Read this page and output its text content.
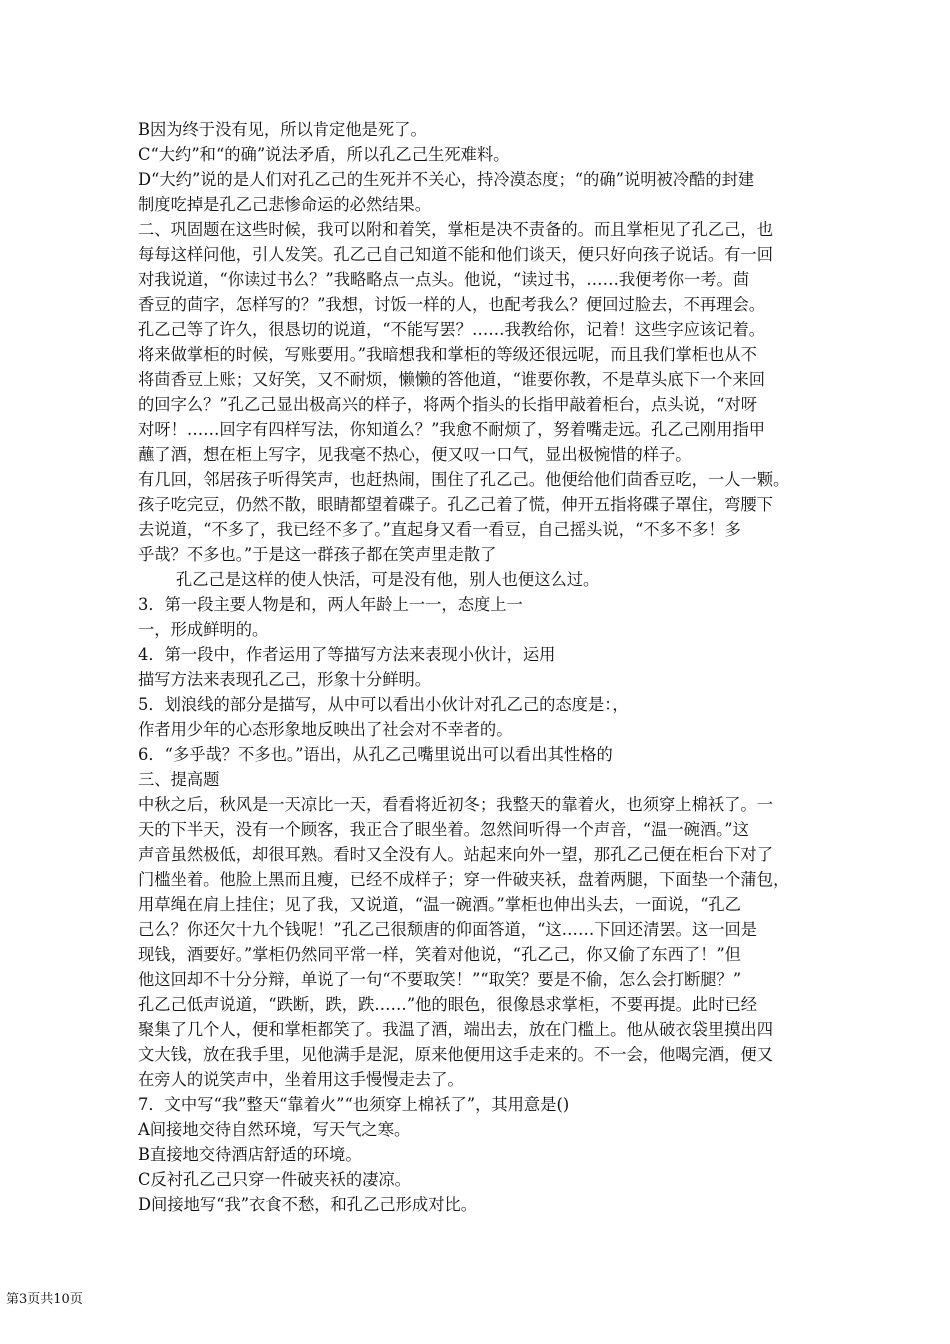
B因为终于没有见，所以肯定他是死了。
C“大约”和“的确”说法矛盾，所以孔乙己生死难料。
D“大约”说的是人们对孔乙己的生死并不关心，持冷漠态度；“的确”说明被冷酷的封建
制度吃掉是孔乙己悲惨命运的必然结果。
二、巩固题在这些时候，我可以附和着笑，掌柜是决不责备的。而且掌柜见了孔乙己，也
每每这样问他，引人发笑。孔乙己自己知道不能和他们谈天，便只好向孩子说话。有一回
对我说道，“你读过书么？”我略略点一点头。他说，“读过书，……我便考你一考。茴
香豆的茴字，怎样写的？”我想，讨饭一样的人，也配考我么？便回过脸去，不再理会。
孔乙己等了许久，很恳切的说道，“不能写罢？……我教给你，记着！这些字应该记着。
将来做掌柜的时候，写账要用。”我暗想我和掌柜的等级还很远呢，而且我们掌柜也从不
将茴香豆上账；又好笑，又不耐烦，懒懒的答他道，“谁要你教，不是草头底下一个来回
的回字么？”孔乙己显出极高兴的样子，将两个指头的长指甲敲着柜台，点头说，“对呀
对呀！……回字有四样写法，你知道么？”我愈不耐烦了，努着嘴走远。孔乙己刚用指甲
蘸了酒，想在柜上写字，见我毫不热心，便又叹一口气，显出极惋惜的样子。
有几回，邻居孩子听得笑声，也赶热闹，围住了孔乙己。他便给他们茴香豆吃，一人一颗。
孩子吃完豆，仍然不散，眼睛都望着碟子。孔乙己着了慌，伸开五指将碟子罩住，弯腰下
去说道，“不多了，我已经不多了。”直起身又看一看豆，自己摇头说，“不多不多！多
乎哉？不多也。”于是这一群孩子都在笑声里走散了
孔乙己是这样的使人快活，可是没有他，别人也便这么过。
3．第一段主要人物是和，两人年龄上一一，态度上一
一，形成鲜明的。
4．第一段中，作者运用了等描写方法来表现小伙计，运用
描写方法来表现孔乙己，形象十分鲜明。
5．划浪线的部分是描写，从中可以看出小伙计对孔乙己的态度是：，
作者用少年的心态形象地反映出了社会对不幸者的。
6．“多乎哉？不多也。”语出，从孔乙己嘴里说出可以看出其性格的
三、提高题
中秋之后，秋风是一天凉比一天，看看将近初冬；我整天的靠着火，也须穿上棉袄了。一
天的下半天，没有一个顾客，我正合了眼坐着。忽然间听得一个声音，“温一碗酒。”这
声音虽然极低，却很耳熟。看时又全没有人。站起来向外一望，那孔乙己便在柜台下对了
门槛坐着。他脸上黑而且瘦，已经不成样子；穿一件破夹袄，盘着两腿，下面垫一个蒲包，
用草绳在肩上挂住；见了我，又说道，“温一碗酒。”掌柜也伸出头去，一面说，“孔乙
己么？你还欠十九个钱呢！”孔乙己很颓唐的仰面答道，“这……下回还清罢。这一回是
现钱，酒要好。”掌柜仍然同平常一样，笑着对他说，“孔乙己，你又偷了东西了！”但
他这回却不十分分辩，单说了一句“不要取笑！”“取笑？要是不偷，怎么会打断腿？”
孔乙己低声说道，“跌断，跌，跌……”他的眼色，很像恳求掌柜，不要再提。此时已经
聚集了几个人，便和掌柜都笑了。我温了酒，端出去，放在门槛上。他从破衣袋里摸出四
文大钱，放在我手里，见他满手是泥，原来他便用这手走来的。不一会，他喝完酒，便又
在旁人的说笑声中，坐着用这手慢慢走去了。
7．文中写“我”整天“靠着火”“也须穿上棉袄了”，其用意是()
A间接地交待自然环境，写天气之寒。
B直接地交待酒店舒适的环境。
C反衬孔乙己只穿一件破夹袄的凄凉。
D间接地写“我”衣食不愁，和孔乙己形成对比。
第3页共10页
